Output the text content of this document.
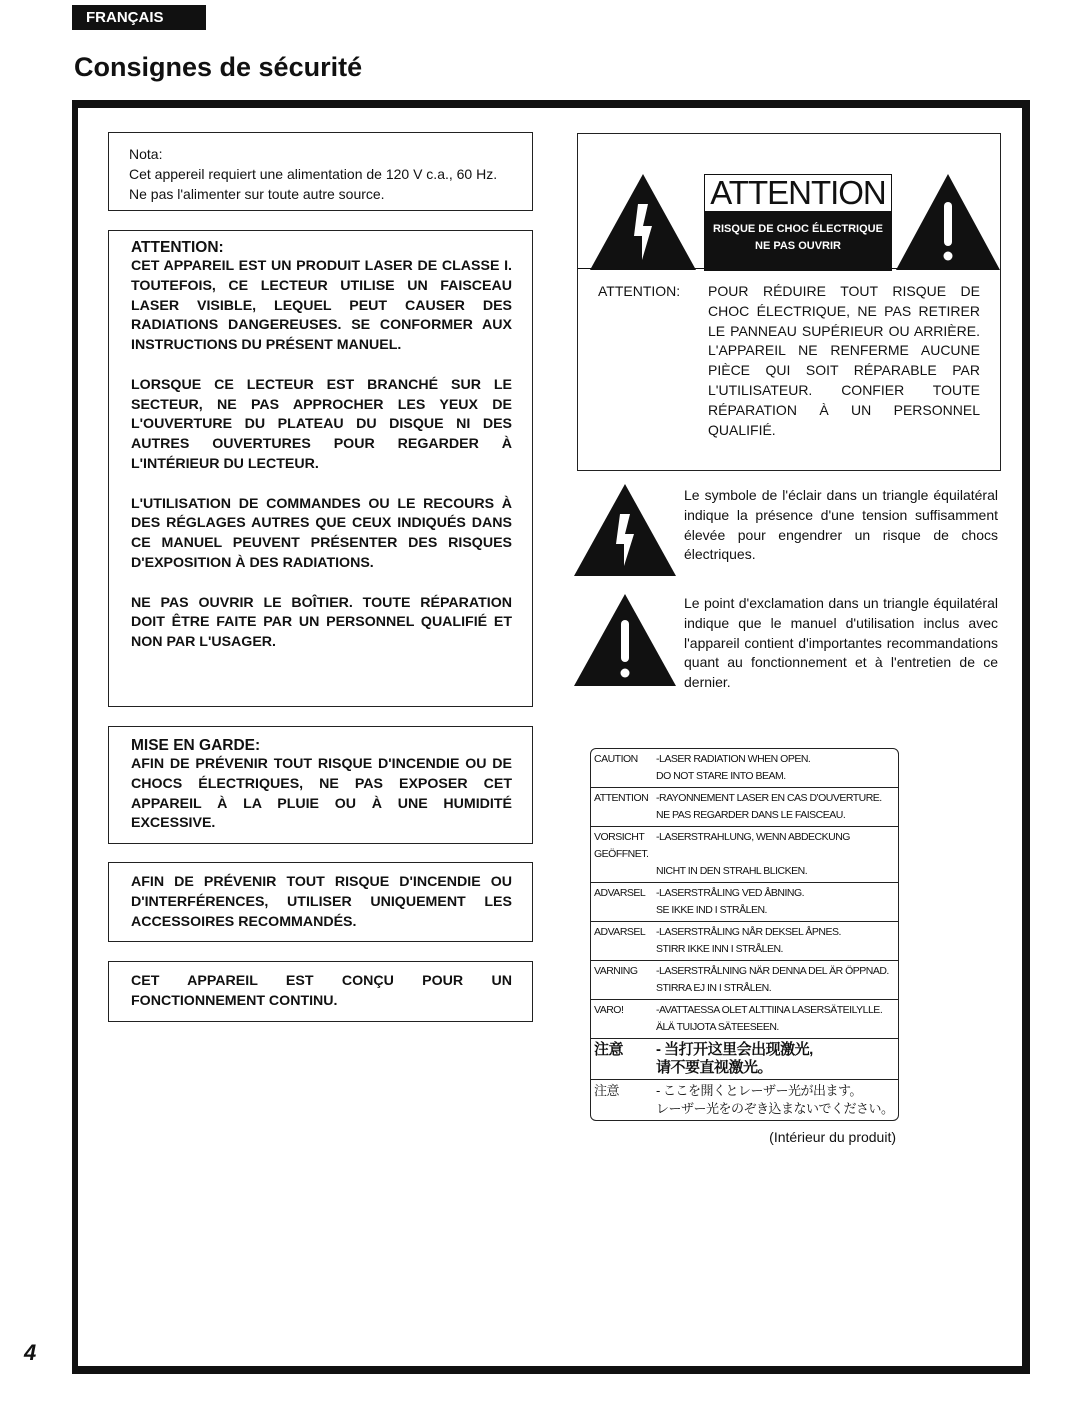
FRANÇAIS
Consignes de sécurité
Nota:
Cet appereil requiert une alimentation de 120 V c.a., 60 Hz. Ne pas l'alimenter sur toute autre source.
ATTENTION:

CET APPAREIL EST UN PRODUIT LASER DE CLASSE I. TOUTEFOIS, CE LECTEUR UTILISE UN FAISCEAU LASER VISIBLE, LEQUEL PEUT CAUSER DES RADIATIONS DANGEREUSES. SE CONFORMER AUX INSTRUCTIONS DU PRÉSENT MANUEL.

LORSQUE CE LECTEUR EST BRANCHÉ SUR LE SECTEUR, NE PAS APPROCHER LES YEUX DE L'OUVERTURE DU PLATEAU DU DISQUE NI DES AUTRES OUVERTURES POUR REGARDER À L'INTÉRIEUR DU LECTEUR.

L'UTILISATION DE COMMANDES OU LE RECOURS À DES RÉGLAGES AUTRES QUE CEUX INDIQUÉS DANS CE MANUEL PEUVENT PRÉSENTER DES RISQUES D'EXPOSITION À DES RADIATIONS.

NE PAS OUVRIR LE BOÎTIER. TOUTE RÉPARATION DOIT ÊTRE FAITE PAR UN PERSONNEL QUALIFIÉ ET NON PAR L'USAGER.

MISE EN GARDE:

AFIN DE PRÉVENIR TOUT RISQUE D'INCENDIE OU DE CHOCS ÉLECTRIQUES, NE PAS EXPOSER CET APPAREIL À LA PLUIE OU À UNE HUMIDITÉ EXCESSIVE.

AFIN DE PRÉVENIR TOUT RISQUE D'INCENDIE OU D'INTERFÉRENCES, UTILISER UNIQUEMENT LES ACCESSOIRES RECOMMANDÉS.

CET APPAREIL EST CONÇU POUR UN FONCTIONNEMENT CONTINU.

ATTENTION
RISQUE DE CHOC ÉLECTRIQUE
NE PAS OUVRIR
ATTENTION:	POUR RÉDUIRE TOUT RISQUE DE CHOC ÉLECTRIQUE, NE PAS RETIRER LE PANNEAU SUPÉRIEUR OU ARRIÈRE. L'APPAREIL NE RENFERME AUCUNE PIÈCE QUI SOIT RÉPARABLE PAR L'UTILISATEUR. CONFIER TOUTE RÉPARATION À UN PERSONNEL QUALIFIÉ.
Le symbole de l'éclair dans un triangle équilatéral indique la présence d'une tension suffisamment élevée pour engendrer un risque de chocs électriques.
Le point d'exclamation dans un triangle équilatéral indique que le manuel d'utilisation inclus avec l'appareil contient d'importantes recommandations quant au fonctionnement et à l'entretien de ce dernier.
CAUTION -LASER RADIATION WHEN OPEN.
DO NOT STARE INTO BEAM.
ATTENTION -RAYONNEMENT LASER EN CAS D'OUVERTURE.
NE PAS REGARDER DANS LE FAISCEAU.
VORSICHT -LASERSTRAHLUNG, WENN ABDECKUNG GEÖFFNET.
NICHT IN DEN STRAHL BLICKEN.
ADVARSEL -LASERSTRÅLING VED ÅBNING.
SE IKKE IND I STRÅLEN.
ADVARSEL -LASERSTRÅLING NÅR DEKSEL ÅPNES.
STIRR IKKE INN I STRÅLEN.
VARNING -LASERSTRÅLNING NÄR DENNA DEL ÄR ÖPPNAD.
STIRRA EJ IN I STRÅLEN.
VARO!	-AVATTAESSA OLET ALTTIINA LASERSÄTEILYLLE.
ÄLÄ TUIJOTA SÄTEESEEN.
注意 - 当打开这里会出现激光,
请不要直视激光。
注意	- ここを開くとレーザー光が出ます。
レーザー光をのぞき込まないでください。
(Intérieur du produit)
4
